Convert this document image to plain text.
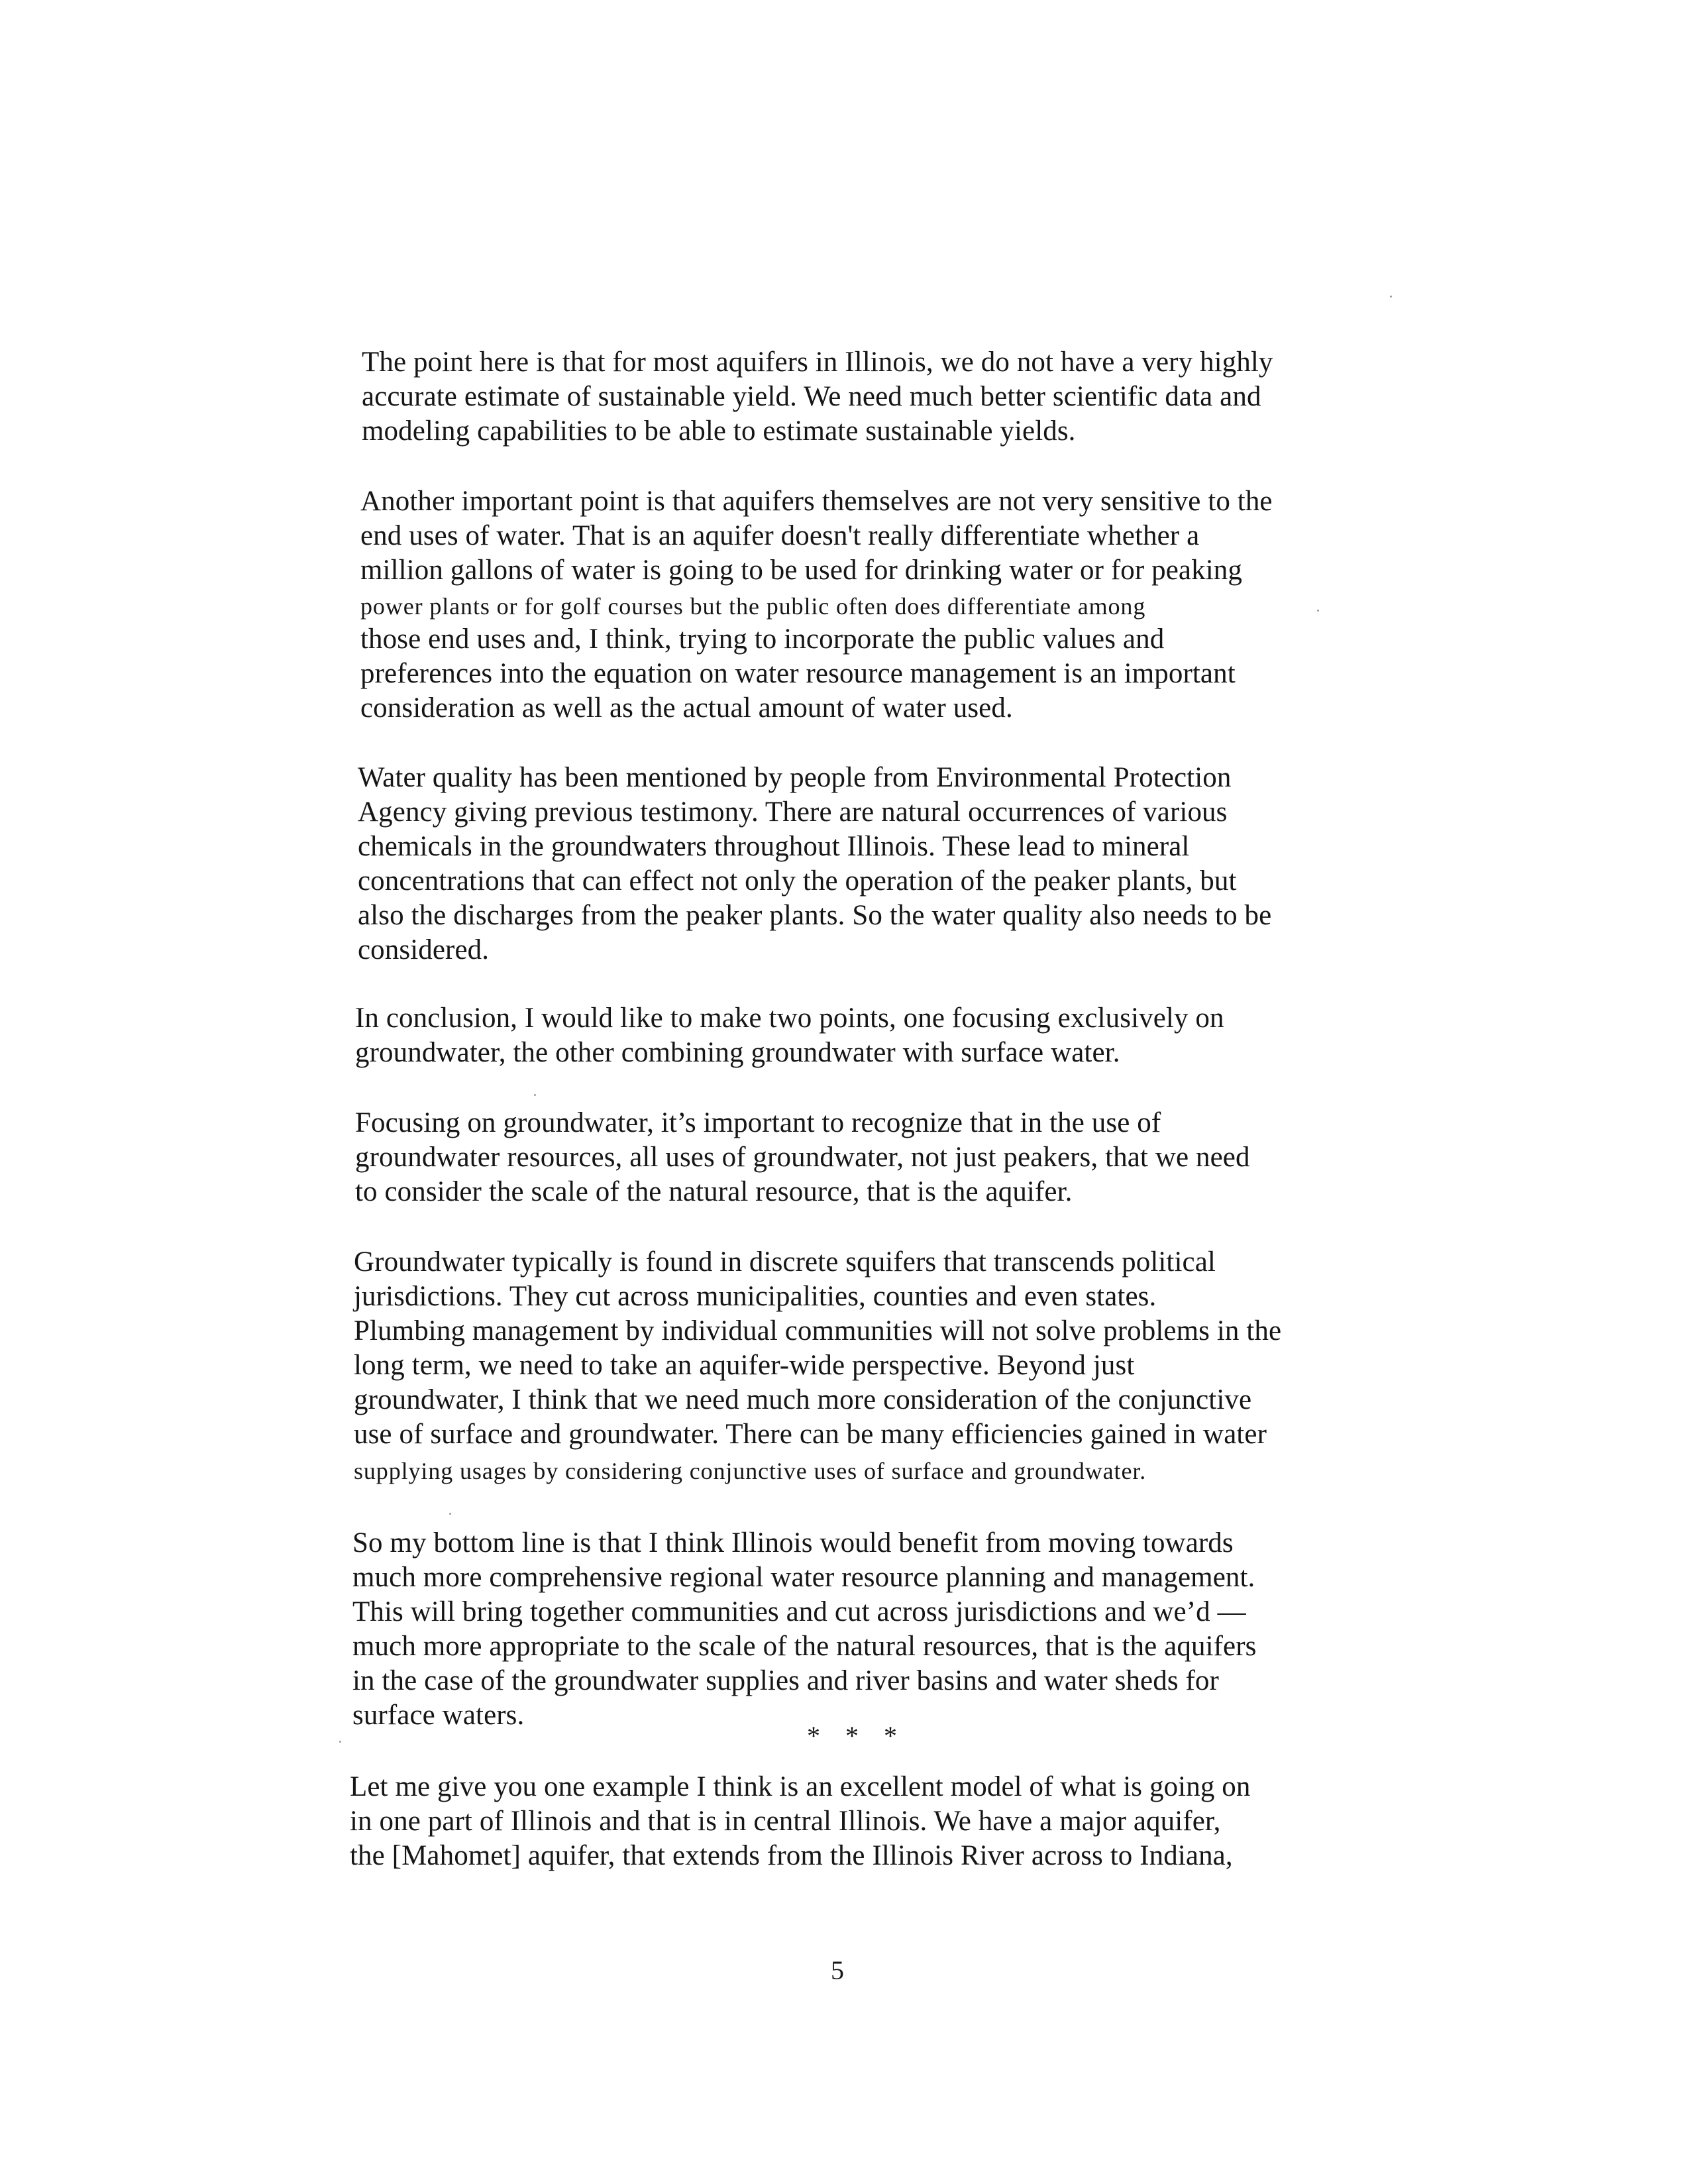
The point here is that for most aquifers in Illinois, we do not have a very highly
accurate estimate of sustainable yield. We need much better scientific data and
modeling capabilities to be able to estimate sustainable yields.
Another important point is that aquifers themselves are not very sensitive to the
end uses of water. That is an aquifer doesn't really differentiate whether a
million gallons of water is going to be used for drinking water or for peaking
power plants or for golf courses but the public often does differentiate among
those end uses and, I think, trying to incorporate the public values and
preferences into the equation on water resource management is an important
consideration as well as the actual amount of water used.
Water quality has been mentioned by people from Environmental Protection
Agency giving previous testimony. There are natural occurrences of various
chemicals in the groundwaters throughout Illinois. These lead to mineral
concentrations that can effect not only the operation of the peaker plants, but
also the discharges from the peaker plants. So the water quality also needs to be
considered.
In conclusion, I would like to make two points, one focusing exclusively on
groundwater, the other combining groundwater with surface water.
Focusing on groundwater, it’s important to recognize that in the use of
groundwater resources, all uses of groundwater, not just peakers, that we need
to consider the scale of the natural resource, that is the aquifer.
Groundwater typically is found in discrete squifers that transcends political
jurisdictions. They cut across municipalities, counties and even states.
Plumbing management by individual communities will not solve problems in the
long term, we need to take an aquifer-wide perspective. Beyond just
groundwater, I think that we need much more consideration of the conjunctive
use of surface and groundwater. There can be many efficiencies gained in water
supplying usages by considering conjunctive uses of surface and groundwater.
So my bottom line is that I think Illinois would benefit from moving towards
much more comprehensive regional water resource planning and management.
This will bring together communities and cut across jurisdictions and we’d —
much more appropriate to the scale of the natural resources, that is the aquifers
in the case of the groundwater supplies and river basins and water sheds for
surface waters.
* * *
Let me give you one example I think is an excellent model of what is going on
in one part of Illinois and that is in central Illinois. We have a major aquifer,
the [Mahomet] aquifer, that extends from the Illinois River across to Indiana,
5
